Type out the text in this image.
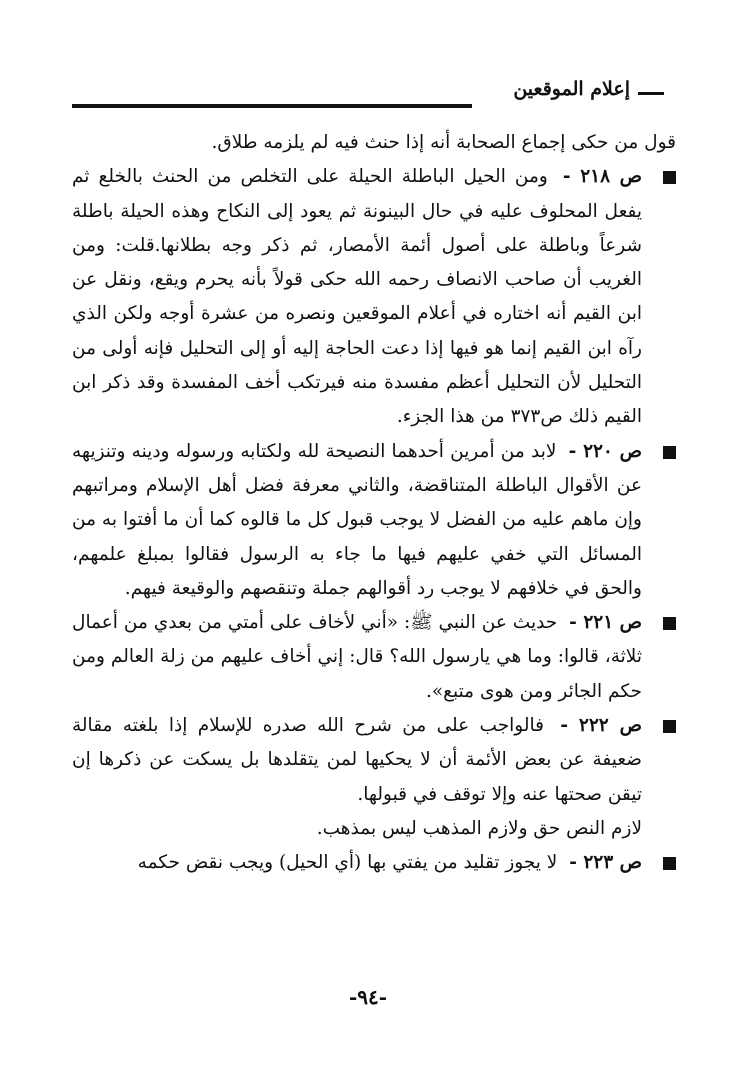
إعلام الموقعين

قول من حكى إجماع الصحابة أنه إذا حنث فيه لم يلزمه طلاق.

ص ٢١٨ - ومن الحيل الباطلة الحيلة على التخلص من الحنث بالخلع ثم يفعل المحلوف عليه في حال البينونة ثم يعود إلى النكاح وهذه الحيلة باطلة شرعاً وباطلة على أصول أئمة الأمصار، ثم ذكر وجه بطلانها.قلت: ومن الغريب أن صاحب الانصاف رحمه الله حكى قولاً بأنه يحرم ويقع، ونقل عن ابن القيم أنه اختاره في أعلام الموقعين ونصره من عشرة أوجه ولكن الذي رآه ابن القيم إنما هو فيها إذا دعت الحاجة إليه أو إلى التحليل فإنه أولى من التحليل لأن التحليل أعظم مفسدة منه فيرتكب أخف المفسدة وقد ذكر ابن القيم ذلك ص٣٧٣ من هذا الجزء.

ص ٢٢٠ - لابد من أمرين أحدهما النصيحة لله ولكتابه ورسوله ودينه وتنزيهه عن الأقوال الباطلة المتناقضة، والثاني معرفة فضل أهل الإسلام ومراتبهم وإن ماهم عليه من الفضل لا يوجب قبول كل ما قالوه كما أن ما أفتوا به من المسائل التي خفي عليهم فيها ما جاء به الرسول فقالوا بمبلغ علمهم، والحق في خلافهم لا يوجب رد أقوالهم جملة وتنقصهم والوقيعة فيهم.

ص ٢٢١ - حديث عن النبي ﷺ: «أني لأخاف على أمتي من بعدي من أعمال ثلاثة، قالوا: وما هي يارسول الله؟ قال: إني أخاف عليهم من زلة العالم ومن حكم الجائر ومن هوى متبع».

ص ٢٢٢ - فالواجب على من شرح الله صدره للإسلام إذا بلغته مقالة ضعيفة عن بعض الأئمة أن لا يحكيها لمن يتقلدها بل يسكت عن ذكرها إن تيقن صحتها عنه وإلا توقف في قبولها.

لازم النص حق ولازم المذهب ليس بمذهب.

ص ٢٢٣ - لا يجوز تقليد من يفتي بها (أي الحيل) ويجب نقض حكمه

-٩٤-
